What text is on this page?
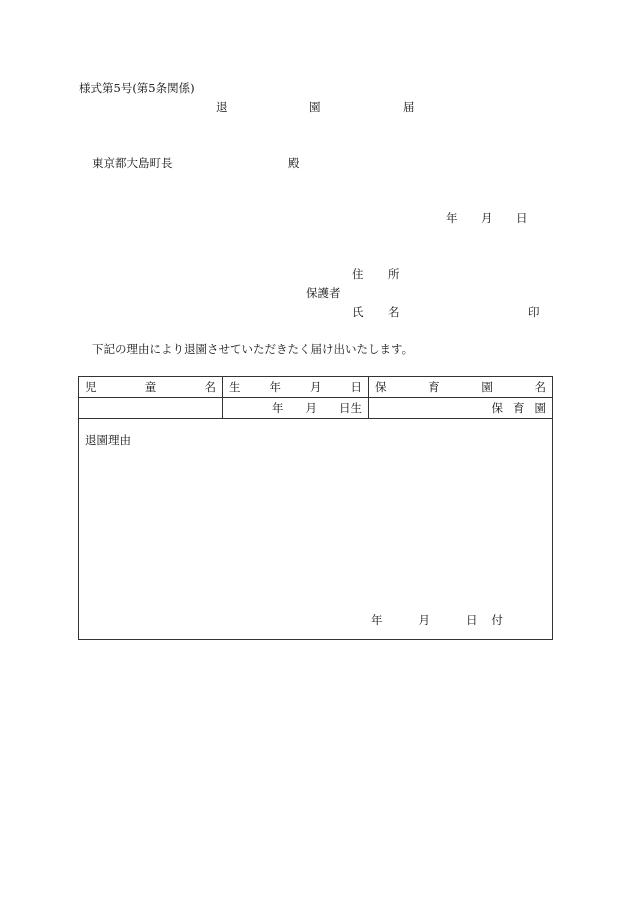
様式第5号(第5条関係)
退	園	届
東京都大島町長	殿
年 月 日
住 所
保護者
氏 名	印
下記の理由により退園させていただきたく届け出いたします。
児 童 名	生 年 月 日	保 育 園 名

	年 月 日生	保 育 園

退園理由
年 月 日 付		
